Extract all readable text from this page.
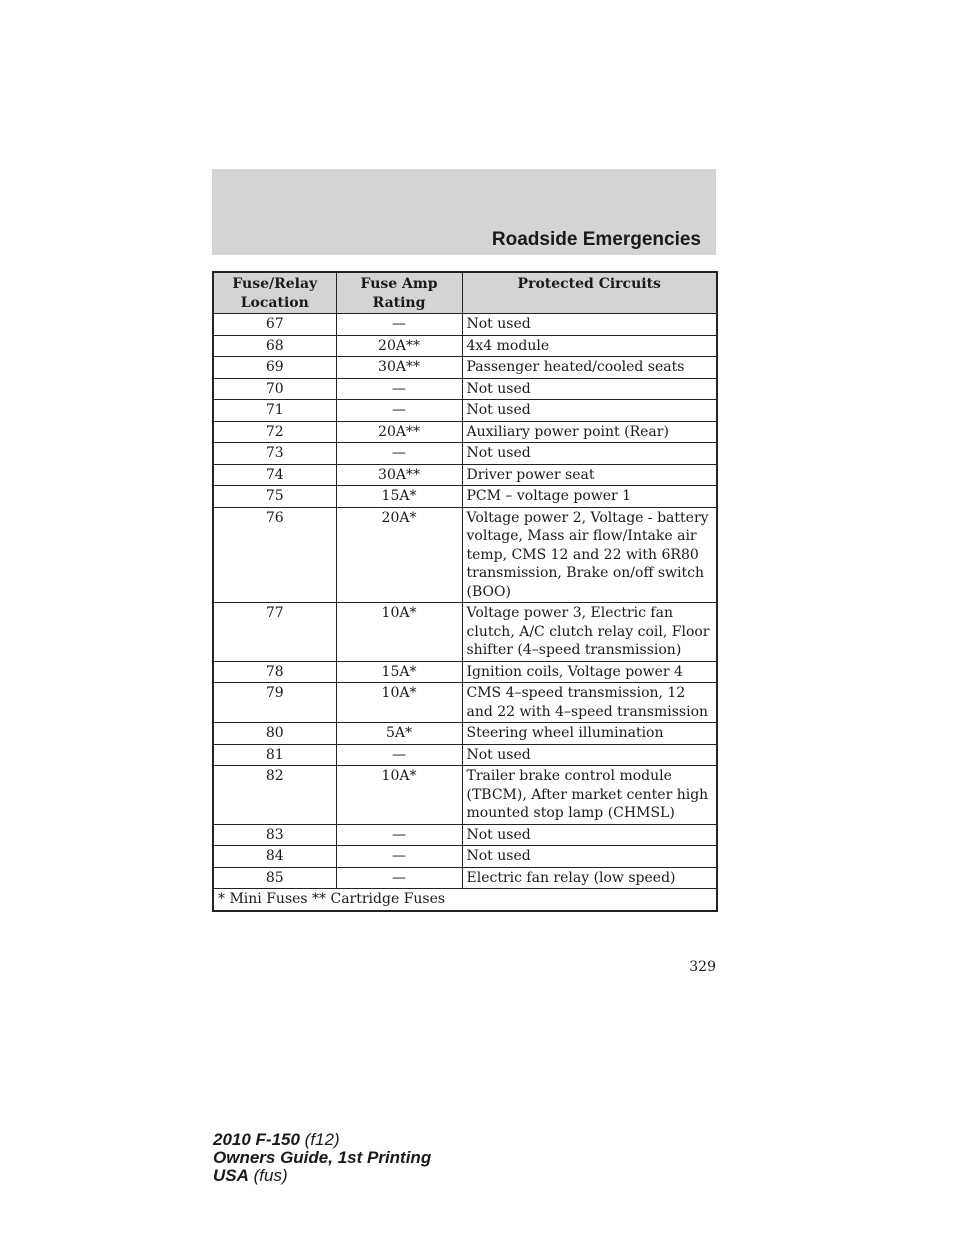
Roadside Emergencies
Fuse/Relay Location	Fuse Amp Rating	Protected Circuits
67	—	Not used
68	20A**	4x4 module
69	30A**	Passenger heated/cooled seats
70	—	Not used
71	—	Not used
72	20A**	Auxiliary power point (Rear)
73	—	Not used
74	30A**	Driver power seat
75	15A*	PCM – voltage power 1
76	20A*	Voltage power 2, Voltage - battery voltage, Mass air flow/Intake air temp, CMS 12 and 22 with 6R80 transmission, Brake on/off switch (BOO)
77	10A*	Voltage power 3, Electric fan clutch, A/C clutch relay coil, Floor shifter (4–speed transmission)
78	15A*	Ignition coils, Voltage power 4
79	10A*	CMS 4–speed transmission, 12 and 22 with 4–speed transmission
80	5A*	Steering wheel illumination
81	—	Not used
82	10A*	Trailer brake control module (TBCM), After market center high mounted stop lamp (CHMSL)
83	—	Not used
84	—	Not used
85	—	Electric fan relay (low speed)
* Mini Fuses ** Cartridge Fuses		
329
2010 F-150 (f12)
Owners Guide, 1st Printing
USA (fus)
